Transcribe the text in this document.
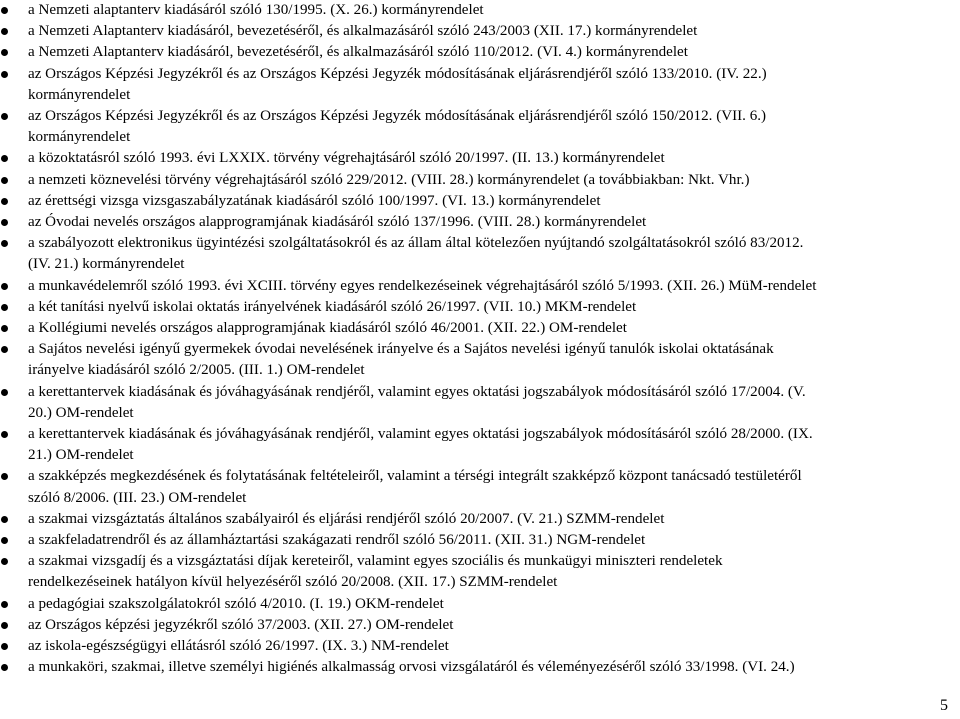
a Nemzeti alaptanterv kiadásáról szóló 130/1995. (X. 26.) kormányrendelet
a Nemzeti Alaptanterv kiadásáról, bevezetéséről, és alkalmazásáról szóló 243/2003 (XII. 17.) kormányrendelet
a Nemzeti Alaptanterv kiadásáról, bevezetéséről, és alkalmazásáról szóló 110/2012. (VI. 4.) kormányrendelet
az Országos Képzési Jegyzékről és az Országos Képzési Jegyzék módosításának eljárásrendjéről szóló 133/2010. (IV. 22.)
kormányrendelet
az Országos Képzési Jegyzékről és az Országos Képzési Jegyzék módosításának eljárásrendjéről szóló 150/2012. (VII. 6.)
kormányrendelet
a közoktatásról szóló 1993. évi LXXIX. törvény végrehajtásáról szóló 20/1997. (II. 13.) kormányrendelet
a nemzeti köznevelési törvény végrehajtásáról szóló 229/2012. (VIII. 28.) kormányrendelet (a továbbiakban: Nkt. Vhr.)
az érettségi vizsga vizsgaszabályzatának kiadásáról szóló 100/1997. (VI. 13.) kormányrendelet
az Óvodai nevelés országos alapprogramjának kiadásáról szóló 137/1996. (VIII. 28.) kormányrendelet
a szabályozott elektronikus ügyintézési szolgáltatásokról és az állam által kötelezően nyújtandó szolgáltatásokról szóló 83/2012.
(IV. 21.) kormányrendelet
a munkavédelemről szóló 1993. évi XCIII. törvény egyes rendelkezéseinek végrehajtásáról szóló 5/1993. (XII. 26.) MüM-rendelet
a két tanítási nyelvű iskolai oktatás irányelvének kiadásáról szóló 26/1997. (VII. 10.) MKM-rendelet
a Kollégiumi nevelés országos alapprogramjának kiadásáról szóló 46/2001. (XII. 22.) OM-rendelet
a Sajátos nevelési igényű gyermekek óvodai nevelésének irányelve és a Sajátos nevelési igényű tanulók iskolai oktatásának
irányelve kiadásáról szóló 2/2005. (III. 1.) OM-rendelet
a kerettantervek kiadásának és jóváhagyásának rendjéről, valamint egyes oktatási jogszabályok módosításáról szóló 17/2004. (V.
20.) OM-rendelet
a kerettantervek kiadásának és jóváhagyásának rendjéről, valamint egyes oktatási jogszabályok módosításáról szóló 28/2000. (IX.
21.) OM-rendelet
a szakképzés megkezdésének és folytatásának feltételeiről, valamint a térségi integrált szakképző központ tanácsadó testületéről
szóló 8/2006. (III. 23.) OM-rendelet
a szakmai vizsgáztatás általános szabályairól és eljárási rendjéről szóló 20/2007. (V. 21.) SZMM-rendelet
a szakfeladatrendről és az államháztartási szakágazati rendről szóló 56/2011. (XII. 31.) NGM-rendelet
a szakmai vizsgadíj és a vizsgáztatási díjak kereteiről, valamint egyes szociális és munkaügyi miniszteri rendeletek
rendelkezéseinek hatályon kívül helyezéséről szóló 20/2008. (XII. 17.) SZMM-rendelet
a pedagógiai szakszolgálatokról szóló 4/2010. (I. 19.) OKM-rendelet
az Országos képzési jegyzékről szóló 37/2003. (XII. 27.) OM-rendelet
az iskola-egészségügyi ellátásról szóló 26/1997. (IX. 3.) NM-rendelet
a munkaköri, szakmai, illetve személyi higiénés alkalmasság orvosi vizsgálatáról és véleményezéséről szóló 33/1998. (VI. 24.)
5
